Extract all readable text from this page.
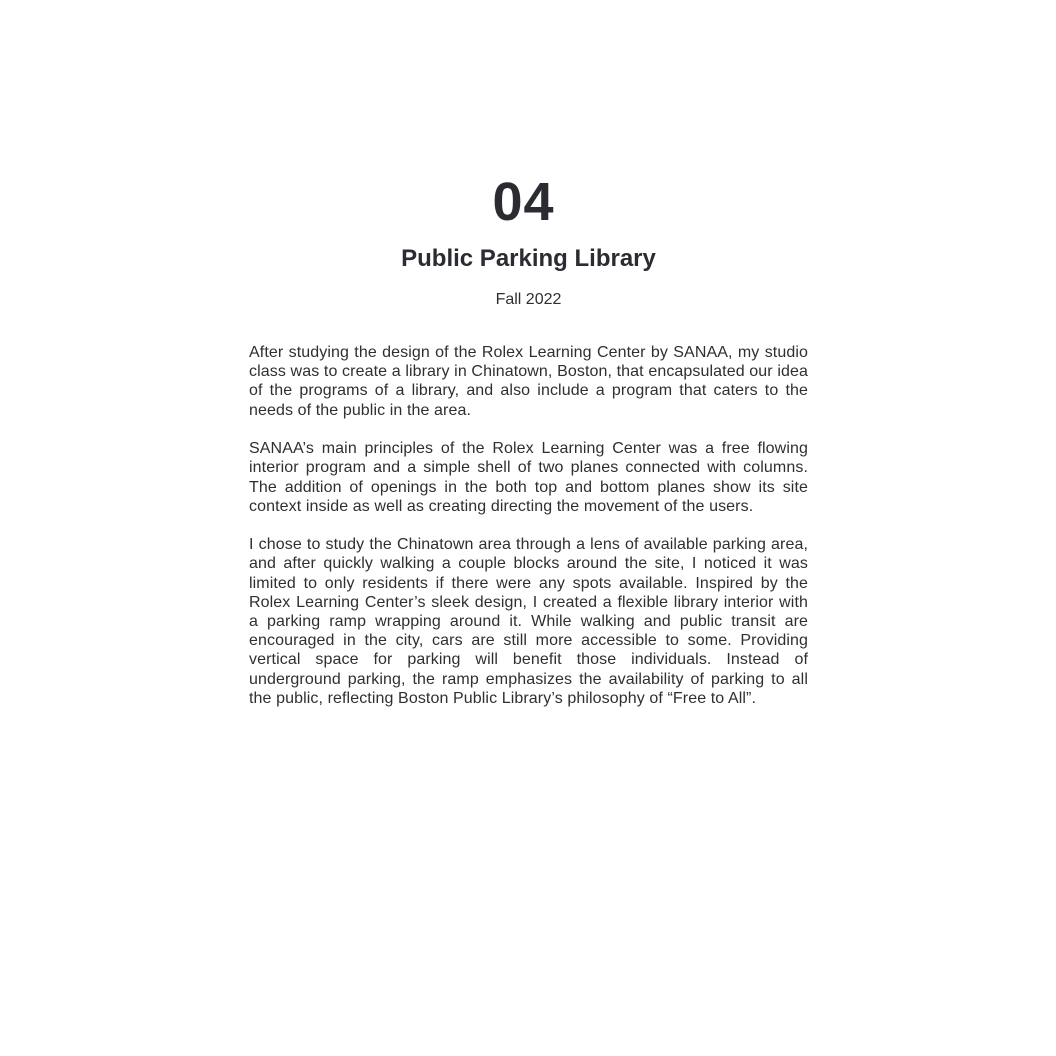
04
Public Parking Library
Fall 2022

After studying the design of the Rolex Learning Center by SANAA, my studio class was to create a library in Chinatown, Boston, that encapsulated our idea of the programs of a library, and also include a program that caters to the needs of the public in the area.

SANAA’s main principles of the Rolex Learning Center was a free flowing interior program and a simple shell of two planes connected with columns. The addition of openings in the both top and bottom planes show its site context inside as well as creating directing the movement of the users.

I chose to study the Chinatown area through a lens of available parking area, and after quickly walking a couple blocks around the site, I noticed it was limited to only residents if there were any spots available. Inspired by the Rolex Learning Center’s sleek design, I created a flexible library interior with a parking ramp wrapping around it. While walking and public transit are encouraged in the city, cars are still more accessible to some. Providing vertical space for parking will benefit those individuals. Instead of underground parking, the ramp emphasizes the availability of parking to all the public, reflecting Boston Public Library’s philosophy of “Free to All”.
